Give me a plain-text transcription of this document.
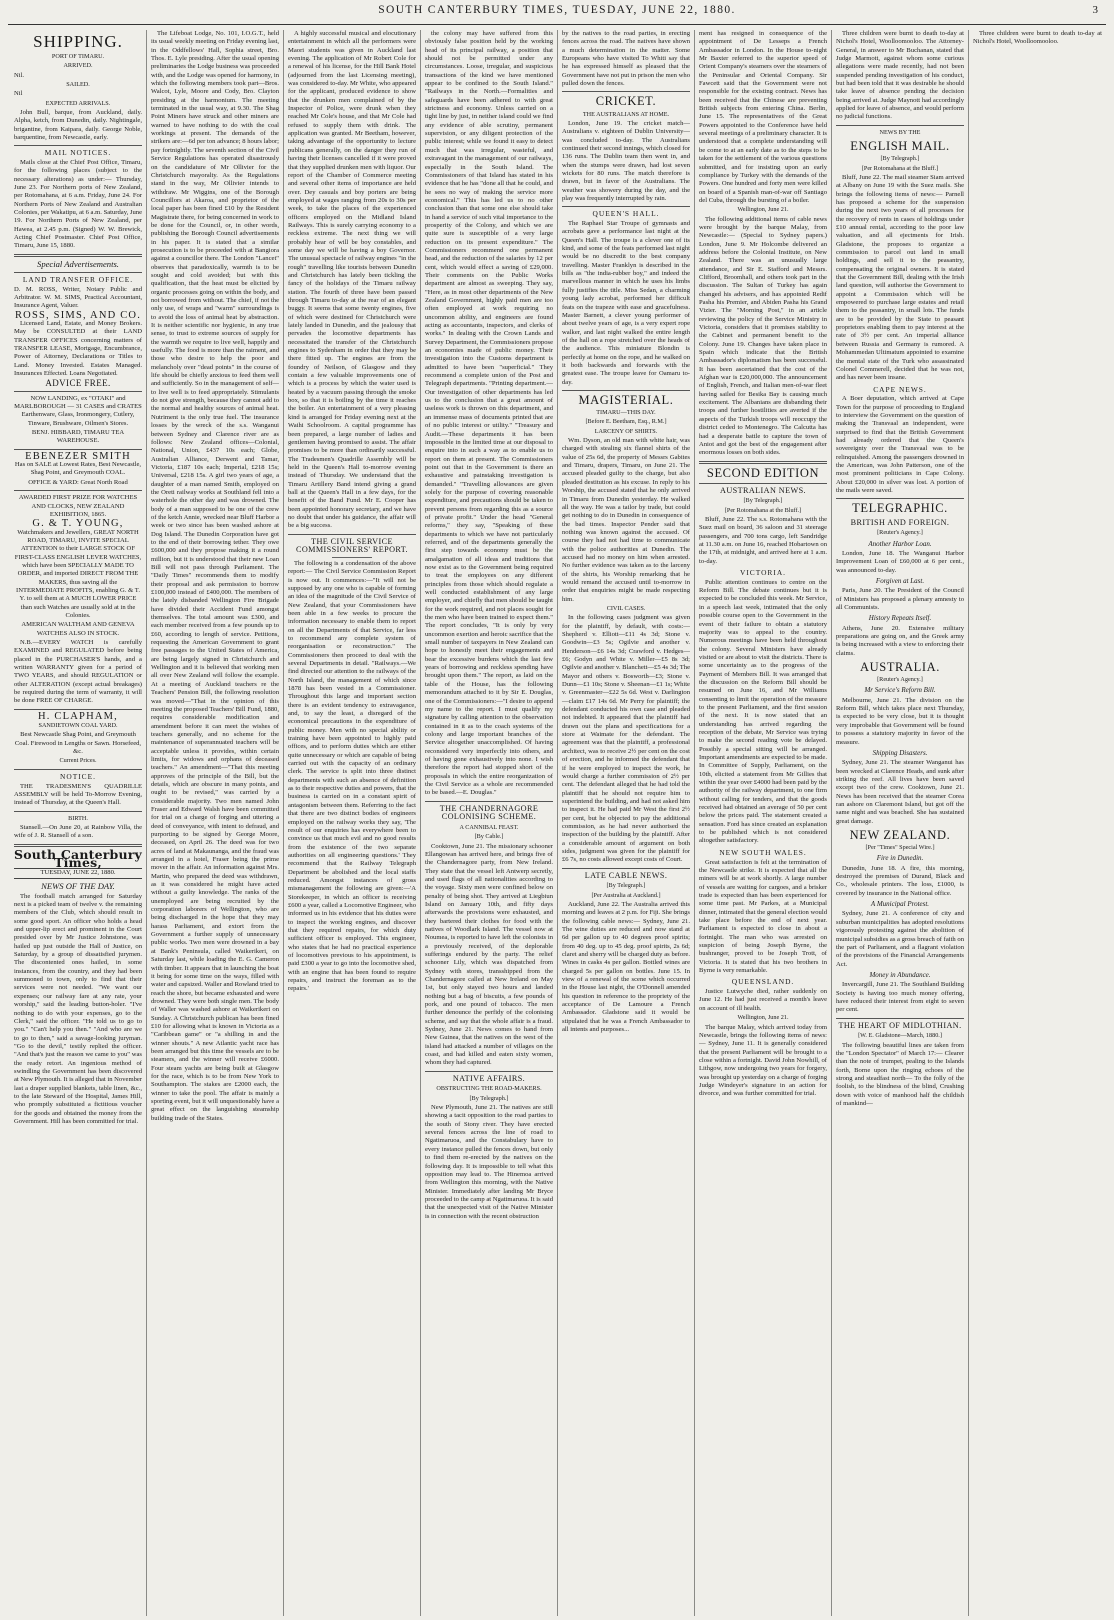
SOUTH CANTERBURY TIMES, TUESDAY, JUNE 22, 1880.	3
SHIPPING.
PORT OF TIMARU.
ARRIVED.

Nil.

SAILED.

Nil

EXPECTED ARRIVALS.

John Bull, barque, from Auckland, daily. Alpha, ketch, from Dunedin, daily. Nightingale, brigantine, from Kaipara, daily. George Noble, barquentine, from Newcastle, early.

MAIL NOTICES.

Mails close at the Chief Post Office, Timaru, for the following places (subject to the necessary alterations) as under:— Thursday, June 23. For Northern ports of New Zealand, per Rotomahana, at 6 a.m. Friday, June 24. For Northern Ports of New Zealand and Australian Colonies, per Wakatipu, at 6 a.m. Saturday, June 19. For Northern Ports of New Zealand, per Hawea, at 2.45 p.m. (Signed) W. W. Brewick, Acting Chief Postmaster. Chief Post Office, Timaru, June 15, 1880.

Special Advertisements.
LAND TRANSFER OFFICE.

D. M. ROSS, Writer, Notary Public and Arbitrator. W. M. SIMS, Practical Accountant, Insurance Agent, Valuer.

ROSS, SIMS, AND CO.

Licensed Land, Estate, and Money Brokers. May be CONSULTED at their LAND TRANSFER OFFICES concerning matters of TRANSFER LEASE, Mortgage, Encumbrance, Power of Attorney, Declarations or Titles to Land. Money Invested. Estates Managed. Insurances Effected. Loans Negotiated.

ADVICE FREE.

NOW LANDING, ex "OTAKI" and MARLBOROUGH — 31 CASES and CRATES Earthenware, Glass, Ironmongery, Cutlery, Tinware, Brushware, Oilmen's Stores.

BENJ. HIBBARD, TIMARU TEA WAREHOUSE.

EBENEZER SMITH

Has on SALE at Lowest Rates, Best Newcastle, Shag Point, and Greymouth COAL.

OFFICE & YARD: Great North Road

AWARDED FIRST PRIZE FOR WATCHES AND CLOCKS, NEW ZEALAND EXHIBITION, 1865.

G. & T. YOUNG,

Watchmakers and Jewellers, GREAT NORTH ROAD, TIMARU, INVITE SPECIAL ATTENTION to their LARGE STOCK OF FIRST-CLASS ENGLISH LEVER WATCHES, which have been SPECIALLY MADE TO ORDER, and imported DIRECT FROM THE MAKERS, thus saving all the INTERMEDIATE PROFITS, enabling G. & T. Y. to sell them at A MUCH LOWER PRICE than such Watches are usually sold at in the Colonies.

AMERICAN WALTHAM AND GENEVA WATCHES ALSO IN STOCK.

N.B.—EVERY WATCH is carefully EXAMINED and REGULATED before being placed in the PURCHASER'S hands, and a written WARRANTY given for a period of TWO YEARS, and should REGULATION or other ALTERATION (except actual breakages) be required during the term of warranty, it will be done FREE OF CHARGE.

H. CLAPHAM,
SANDIETOWN COAL YARD.

Best Newcastle Shag Point, and Greymouth Coal. Firewood in Lengths or Sawn. Horsefeed, &c.

Current Prices.
NOTICE.

THE TRADESMEN'S QUADRILLE ASSEMBLY will be held To-Morrow Evening, instead of Thursday, at the Queen's Hall.

BIRTH.

Stansell.—On June 20, at Rainbow Villa, the wife of J. R. Stansell of a son.

South Canterbury Times,
TUESDAY, JUNE 22, 1880.
NEWS OF THE DAY.

The football match arranged for Saturday next is a picked team of twelve v. the remaining members of the Club, which should result in some good sport. An officer who holds a head and upper-lip erect and prominent in the Court presided over by Mr Justice Johnstone, was hailed up just outside the Hall of Justice, on Saturday, by a group of dissatisfied jurymen. The discontented ones hailed, in some instances, from the country, and they had been summoned to town, only to find that their services were not needed. "We want our expenses; our railway fare at any rate, your worship," said the leading button-holer. "I've nothing to do with your expenses, go to the Clerk," said the officer. "He told us to go to you." "Can't help you then." "And who are we to go to then," said a savage-looking juryman. "Go to the devil," testily replied the officer. "And that's just the reason we came to you" was the ready retort. An ingenious method of swindling the Government has been discovered at New Plymouth. It is alleged that in November last a draper supplied blankets, table linen, &c., to the late Steward of the Hospital, James Hill, who promptly substituted a fictitious voucher for the goods and obtained the money from the Government. Hill has been committed for trial.

The Lifeboat Lodge, No. 101, I.O.G.T., held its usual weekly meeting on Friday evening last, in the Oddfellows' Hall, Sophia street, Bro. Thos. E. Lyle presiding. After the usual opening preliminaries the Lodge business was proceeded with, and the Lodge was opened for harmony, in which the following members took part—Bros. Walcot, Lyle, Moore and Cody, Bro. Clayton presiding at the harmonium. The meeting terminated in the usual way, at 9.30. The Shag Point Miners have struck and other miners are warned to have nothing to do with the coal workings at present. The demands of the strikers are:—6d per ton advance; 8 hours labor; pay fortnightly. The seventh section of the Civil Service Regulations has operated disastrously on the candidature of Mr Ollivier for the Christchurch mayoralty. As the Regulations stand in the way, Mr Ollivier intends to withdraw. Mr Wiggins, one of the Borough Councillors at Akaroa, and proprietor of the local paper has been fined £10 by the Resident Magistrate there, for being concerned in work to be done for the Council, or, in other words, publishing the Borough Council advertisements in his paper. It is stated that a similar prosecution is to be proceeded with at Bangiora against a councillor there. The London "Lancet" observes that paradoxically, warmth is to be sought and cold avoided; but with this qualification, that the heat must be elicited by organic processes going on within the body, and not borrowed from without. The chief, if not the only use, of wraps and "warm" surroundings is to avoid the loss of animal heat by abstraction. It is neither scientific nor hygienic, in any true sense, to trust to extreme sources of supply for the warmth we require to live well, happily and usefully. The food is more than the raiment, and those who desire to help the poor and melancholy over "dead points" in the course of life should be chiefly anxious to feed them well and sufficiently. So in the management of self—to live well is to feed appropriately. Stimulants do not give strength, because they cannot add to the normal and healthy sources of animal heat. Nutriment is the only true fuel. The insurance losses by the wreck of the s.s. Wanganui between Sydney and Clarence river are as follows: New Zealand offices—Colonial, National, Union, £437 10s each; Globe, Australian Alliance, Derwent and Tamar, Victoria, £187 10s each; Imperial, £218 15s; Universal, £218 15s. A girl two years of age, a daughter of a man named Smith, employed on the Oreti railway works at Southland fell into a waterhole the other day and was drowned. The body of a man supposed to be one of the crew of the ketch Annie, wrecked near Bluff Harbor a week or two since has been washed ashore at Dog Island. The Dunedin Corporation have got to the end of their borrowing tether. They owe £600,000 and they propose making it a round million, but it is understood that their new Loan Bill will not pass through Parliament. The "Daily Times" recommends them to modify their proposal and ask permission to borrow £100,000 instead of £400,000. The members of the lately disbanded Wellington Fire Brigade have divided their Accident Fund amongst themselves. The total amount was £300, and each member received from a few pounds up to £60, according to length of service. Petitions, requesting the American Government to grant free passages to the United States of America, are being largely signed in Christchurch and Wellington and it is believed that working men all over New Zealand will follow the example. At a meeting of Auckland teachers re the Teachers' Pension Bill, the following resolution was moved—"That in the opinion of this meeting the proposed Teachers' Bill Fund, 1880, requires considerable modification and amendment before it can meet the wishes of teachers generally, and no scheme for the maintenance of superannuated teachers will be acceptable unless it provides, within certain limits, for widows and orphans of deceased teachers." An amendment—"That this meeting approves of the principle of the Bill, but the details, which are obscure in many points, and ought to be revised," was carried by a considerable majority. Two men named John Fraser and Edward Walsh have been committed for trial on a charge of forging and uttering a deed of conveyance, with intent to defraud, and purporting to be signed by George Moore, deceased, on April 26. The deed was for two acres of land at Makaunanga, and the fraud was arranged in a hotel, Fraser being the prime mover in the affair. An information against Mrs. Martin, who prepared the deed was withdrawn, as it was considered he might have acted without a guilty knowledge. The ranks of the unemployed are being recruited by the corporation laborers of Wellington, who are being discharged in the hope that they may harass Parliament, and extort from the Government a further supply of unnecessary public works. Two men were drowned in a bay at Bank's Peninsula, called Waikerikeri, on Saturday last, while loading the E. G. Cameron with timber. It appears that in launching the boat it being for some time on the ways, filled with water and capsized. Waller and Rowland tried to reach the shore, but became exhausted and were drowned. They were both single men. The body of Waller was washed ashore at Waikerikeri on Sunday. A Christchurch publican has been fined £10 for allowing what is known in Victoria as a "Caribbean game" or "a shilling in and the winner shouts." A new Atlantic yacht race has been arranged but this time the vessels are to be steamers, and the winner will receive £6000. Four steam yachts are being built at Glasgow for the race, which is to be from New York to Southampton. The stakes are £2000 each, the winner to take the pool. The affair is mainly a sporting event, but it will unquestionably have a great effect on the languishing steamship building trade of the States.

A highly successful musical and elocutionary entertainment in which all the performers were Maori students was given in Auckland last evening. The application of Mr Robert Cole for a renewal of his license, for the Hill Bank Hotel (adjourned from the last Licensing meeting), was considered to-day. Mr White, who appeared for the applicant, produced evidence to show that the drunken men complained of by the Inspector of Police, were drunk when they reached Mr Cole's house, and that Mr Cole had refused to supply them with drink. The application was granted. Mr Beetham, however, taking advantage of the opportunity to lecture publicans generally, on the danger they run of having their licenses cancelled if it were proved that they supplied drunken men with liquor. Our report of the Chamber of Commerce meeting and several other items of importance are held over. Dey casuals and boy porters are being employed at wages ranging from 20s to 30s per week, to take the places of the experienced officers employed on the Midland Island Railways. This is surely carrying economy to a reckless extreme. The next thing we will probably hear of will be boy constables, and some day we will be having a boy Governor. The unusual spectacle of railway engines "in the rough" travelling like tourists between Dunedin and Christchurch has lately been tickling the fancy of the holidays of the Timaru railway station. The fourth of three have been passed through Timaru to-day at the rear of an elegant buggy. It seems that some twenty engines, five of which were destined for Christchurch were lately landed in Dunedin, and the jealousy that pervades the locomotive departments has necessitated the transfer of the Christchurch engines to Sydenham in order that they may be there fitted up. The engines are from the foundry of Neilson, of Glasgow and they contain a few valuable improvements one of which is a process by which the water used is heated by a vacuum passing through the smoke box, so that it is boiling by the time it reaches the boiler. An entertainment of a very pleasing kind is arranged for Friday evening next at the Waihi Schoolroom. A capital programme has been prepared, a large number of ladies and gentlemen having promised to assist. The affair promises to be more than ordinarily successful. The Tradesmen's Quadrille Assembly will be held in the Queen's Hall to-morrow evening instead of Thursday. We understand that the Timaru Artillery Band intend giving a grand ball at the Queen's Hall in a few days, for the benefit of the Band Fund. Mr E. Cooper has been appointed honorary secretary, and we have no doubt that under his guidance, the affair will be a big success.

THE CIVIL SERVICE COMMISSIONERS' REPORT.

The following is a condensation of the above report:— The Civil Service Commission Report is now out. It commences:—"It will not be supposed by any one who is capable of forming an idea of the magnitude of the Civil Service of New Zealand, that your Commissioners have been able in a few weeks to procure the information necessary to enable them to report on all the Departments of that Service, far less to recommend any complete system of reorganisation or reconstruction." The Commissioners then proceed to deal with the several Departments in detail. "Railways.—We find directed our attention to the railways of the North Island, the management of which since 1878 has been vested in a Commissioner. Throughout this large and important section there is an evident tendency to extravagance, and, to say the least, a disregard of the economical precautions in the expenditure of public money. Men with no special ability or training have been appointed to highly paid offices, and to perform duties which are either quite unnecessary or which are capable of being carried out with the capacity of an ordinary clerk. The service is split into three distinct departments with such an absence of definition as to their respective duties and powers, that the business is carried on in a constant spirit of antagonism between them. Referring to the fact that there are two distinct bodies of engineers employed on the railway works they say, 'The result of our enquiries has everywhere been to convince us that much evil and no good results from the existence of the two separate authorities on all engineering questions.' They recommend that the Railway Telegraph Department be abolished and the local staffs reduced. Amongst instances of gross mismanagement the following are given:—'A Storekeeper, in which an officer is receiving £600 a year, called a Locomotive Engineer, who informed us in his evidence that his duties were to inspect the working engines, and discover that they required repairs, for which duty sufficient officer is employed. This engineer, who states that he had no practical experience of locomotives previous to his appointment, is paid £300 a year to go into the locomotive shed, with an engine that has been found to require repairs, and instruct the foreman as to the repairs.'

the colony may have suffered from this obviously false position held by the working head of its principal railway, a position that should not be permitted under any circumstances. Loose, irregular, and suspicious transactions of the kind we have mentioned appear to be confined to the South Island." "Railways in the North.—Formalities and safeguards have been adhered to with great strictness and economy. Unless carried on a tight line by just, in neither island could we find any evidence of able scrutiny, permanent supervision, or any diligent protection of the public interest; while we found it easy to detect much that was irregular, wasteful, and extravagant in the management of our railways, especially in the South Island. The Commissioners of that Island has stated in his evidence that he has "done all that he could, and he sees no way of making the service more economical." This has led us to no other conclusion than that some one else should take in hand a service of such vital importance to the prosperity of the Colony, and which we are quite sure is susceptible of a very large reduction on its present expenditure." The Commissioners recommend one permanent head, and the reduction of the salaries by 12 per cent, which would effect a saving of £29,000. Their comments on the Public Works department are almost as sweeping. They say, "Here, as in most other departments of the New Zealand Government, highly paid men are too often employed at work requiring no uncommon ability, and engineers are found acting as accountants, inspectors, and clerks of works." In dealing with the Crown Lands and Survey Department, the Commissioners propose an economies made of public money. Their investigation into the Customs department is admitted to have been "superficial." They recommend a complete union of the Post and Telegraph departments. "Printing department.—Our investigation of other departments has led us to the conclusion that a great amount of useless work is thrown on this department, and an immense mass of documents printed that are of no public interest or utility." "Treasury and Audit.—These departments it has been impossible in the limited time at our disposal to enquire into in such a way as to enable us to report on them at present. The Commissioners point out that in the Government is there an exhaustive and painstaking investigation is demanded." "Travelling allowances are given solely for the purpose of covering reasonable expenditure, and precautions should be taken to prevent persons from regarding this as a source of private profit." Under the head "General reforms," they say, "Speaking of these departments to which we have not particularly referred, and of the departments generally the first step towards economy must be the amalgamation of all ideas and traditions that now exist as to the Government being required to treat the employees on any different principles from those which should regulate a well conducted establishment of any large employer, and chiefly that men should be taught for the work required, and not places sought for the men who have been trained to expect them." The report concludes, "It is only by very uncommon exertion and heroic sacrifice that the small number of taxpayers in New Zealand can hope to honestly meet their engagements and bear the excessive burdens which the last few years of borrowing and reckless spending have brought upon them." The report, as laid on the table of the House, has the following memorandum attached to it by Sir E. Douglas, one of the Commissioners:—"I desire to append my name to the report. I must qualify my signature by calling attention to the observation contained in it as to the coach systems of the colony and large important branches of the Service altogether unaccomplished. Of having reconsidered very imperfectly into others, and of having gone exhaustively into none. I wish therefore the report had stopped short of the proposals in which the entire reorganization of the Civil Service as a whole are recommended to be based.—E. Douglas."

THE CHANDERNAGORE COLONISING SCHEME.
A CANNIBAL FEAST.
[By Cable.]

Cooktown, June 21. The missionary schooner Ellangowan has arrived here, and brings five of the Chandernagore party, from New Ireland. They state that the vessel left Antwerp secretly, and used flags of all nationalities according to the voyage. Sixty men were confined below on penalty of being shot. They arrived at Liegbiun Island on January 10th, and fifty days afterwards the provisions were exhausted, and they bartered their clothes for food with the natives of Woodlark Island. The vessel now at Noumea, is reported to have left the colonists in a previously received, of the deplorable sufferings endured by the party. The relief schooner Lily, which was dispatched from Sydney with stores, transshipped from the Chandernagore called at New Ireland on May 1st, but only stayed two hours and landed nothing but a bag of biscuits, a few pounds of pork, and one pound of tobacco. The men further denounce the perfidy of the colonising scheme, and say that the whole affair is a fraud. Sydney, June 21. News comes to hand from New Guinea, that the natives on the west of the island had attacked a number of villages on the coast, and had killed and eaten sixty women, whom they had captured.

NATIVE AFFAIRS.
OBSTRUCTING THE ROAD-MAKERS.
[By Telegraph.]

New Plymouth, June 21. The natives are still showing a tacit opposition to the road parties to the south of Stony river. They have erected several fences across the line of road to Ngatimaruoa, and the Constabulary have to every instance pulled the fences down, but only to find them re-erected by the natives on the following day. It is impossible to tell what this opposition may lead to. The Hinemoa arrived from Wellington this morning, with the Native Minister. Immediately after landing Mr Bryce proceeded to the camp at Ngatimaruoa. It is said that the unexpected visit of the Native Minister is in connection with the recent obstruction

by the natives to the road parties, in erecting fences across the road. The natives have shown a much determination in the matter. Some Europeans who have visited To Whiti say that he has expressed himself as pleased that the Government have not put in prison the men who pulled down the fences.

CRICKET.
THE AUSTRALIANS AT HOME.

London, June 19. The cricket match—Australians v. eighteen of Dublin University—was concluded to-day. The Australians continued their second innings, which closed for 136 runs. The Dublin team then went in, and when the stumps were drawn, had lost seven wickets for 80 runs. The match therefore is drawn, but in favor of the Australians. The weather was showery during the day, and the play was frequently interrupted by rain.

QUEEN'S HALL.

The Raphael Star Troupe of gymnasts and acrobats gave a performance last night at the Queen's Hall. The troupe is a clever one of its kind, and some of the feats performed last night would be no discredit to the best company travelling. Master Franklyn is described in the bills as "the india-rubber boy," and indeed the marvellous manner in which he uses his limbs fully justifies the title. Miss Sedan, a charming young lady acrobat, performed her difficult feats on the trapeze with ease and gracefulness. Master Barnett, a clever young performer of about twelve years of age, is a very expert rope walker, and last night walked the entire length of the hall on a rope stretched over the heads of the audience. This miniature Blondin is perfectly at home on the rope, and he walked on it both backwards and forwards with the greatest ease. The troupe leave for Oamaru to-day.

MAGISTERIAL.
TIMARU—THIS DAY.
[Before E. Beetham, Esq., R.M.]
LARCENY OF SHIRTS.

Wm. Dyson, an old man with white hair, was charged with stealing six flannel shirts of the value of 25s 6d, the property of Messrs Gabites and Timaru, drapers, Timaru, on June 21. The accused pleaded guilty to the charge, but also pleaded destitution as his excuse. In reply to his Worship, the accused stated that he only arrived in Timaru from Dunedin yesterday. He walked all the way. He was a tailor by trade, but could get nothing to do in Dunedin in consequence of the bad times. Inspector Pender said that nothing was known against the accused. Of course they had not had time to communicate with the police authorities at Dunedin. The accused had no money on him when arrested. No further evidence was taken as to the larceny of the shirts, his Worship remarking that he would remand the accused until to-morrow in order that enquiries might be made respecting him.

CIVIL CASES.

In the following cases judgment was given for the plaintiff, by default, with costs:— Shepherd v. Elliott—£11 4s 3d; Stone v. Goodwin—£3 5s; Ogilvie and another v. Henderson—£6 14s 3d; Crawford v. Hedges—£6; Godyn and White v. Miller—£5 8s 3d; Ogilvie and another v. Blanchett—£5 4s 3d; The Mayor and others v. Bosworth—£3; Stone v. Dunn—£1 10s; Stone v. Sheenan—£1 1s; White v. Greenmaster—£22 5s 6d. West v. Darlington—claim £17 14s 6d. Mr Perry for plaintiff; the defendant conducted his own case and pleaded not indebted. It appeared that the plaintiff had drawn out the plans and specifications for a store at Waimate for the defendant. The agreement was that the plaintiff, a professional architect, was to receive 2½ per cent on the cost of erection, and he informed the defendant that if he were employed to inspect the work, he would charge a further commission of 2½ per cent. The defendant alleged that he had told the plaintiff that he should not require him to superintend the building, and had not asked him to inspect it. He had paid Mr West the first 2½ per cent, but he objected to pay the additional commission, as he had never authorised the inspection of the building by the plaintiff. After a considerable amount of argument on both sides, judgment was given for the plaintiff for £6 7s, no costs allowed except costs of Court.

LATE CABLE NEWS.
[By Telegraph.]
[Per Australia at Auckland.]

Auckland, June 22. The Australia arrived this morning and leaves at 2 p.m. for Fiji. She brings the following cable news:— Sydney, June 21. The wine duties are reduced and now stand at 6d per gallon up to 40 degrees proof spirits; from 40 deg. up to 45 deg. proof spirits, 2s 6d; claret and sherry will be charged duty as before. Wines in casks 4s per gallon. Bottled wines are charged 5s per gallon on bottles. June 15. In view of a renewal of the scene which occurred in the House last night, the O'Donnell amended his question in reference to the propriety of the acceptance of De Lamoure a French Ambassador. Gladstone said it would be stipulated that he was a French Ambassador to all intents and purposes...

ment has resigned in consequence of the appointment of De Lesseps a French Ambassador in London. In the House to-night Mr Baxter referred to the superior speed of Orient Company's steamers over the steamers of the Peninsular and Oriental Company. Sir Fawcett said that the Government were not responsible for the existing contract. News has been received that the Chinese are preventing British subjects from entering China. Berlin, June 15. The representatives of the Great Powers appointed to the Conference have held several meetings of a preliminary character. It is understood that a complete understanding will be come to at an early date as to the steps to be taken for the settlement of the various questions submitted, and for insisting upon an early compliance by Turkey with the demands of the Powers. One hundred and forty men were killed on board of a Spanish man-of-war off Santiago del Cuba, through the bursting of a boiler.

Wellington, June 21.

The following additional items of cable news were brought by the barque Malay, from Newcastle:— (Special to Sydney papers.) London, June 9. Mr Holcombe delivered an address before the Colonial Institute, on New Zealand. There was an unusually large attendance, and Sir E. Stafford and Messrs. Clifford, Broomhall, and others took part in the discussion. The Sultan of Turkey has again changed his advisers, and has appointed Redif Pasha his Premier, and Abiden Pasha his Grand Vizier. The "Morning Post," in an article reviewing the policy of the Service Ministry in Victoria, considers that it promises stability to the Cabinet and permanent benefit to the Colony. June 19. Changes have taken place in Spain which indicate that the British Ambassador's diplomatism has been successful. It has been ascertained that the cost of the Afghan war is £20,000,000. The announcement of English, French, and Italian men-of-war fleet having sailed for Besika Bay is causing much excitement. The Albanians are disbanding their troops and further hostilities are averted if the aspects of the Turkish troops will reoccupy the district ceded to Montenegro. The Calcutta has had a desperate battle to capture the town of Aniot and got the best of the engagement after enormous losses on both sides.

SECOND EDITION
AUSTRALIAN NEWS.
[By Telegraph.]
[Per Rotomahana at the Bluff.]

Bluff, June 22. The s.s. Rotomahana with the Suez mail on board, 36 saloon and 31 steerage passengers, and 700 tons cargo, left Sandridge at 11.30 a.m. on June 16, reached Hobartown on the 17th, at midnight, and arrived here at 1 a.m. to-day.

VICTORIA.

Public attention continues to centre on the Reform Bill. The debate continues but it is expected to be concluded this week. Mr Service, in a speech last week, intimated that the only possible course open to the Government in the event of their failure to obtain a statutory majority was to appeal to the country. Numerous meetings have been held throughout the colony. Several Ministers have already visited or are about to visit the districts. There is some uncertainty as to the progress of the Payment of Members Bill. It was arranged that the discussion on the Reform Bill should be resumed on June 16, and Mr Williams consenting to limit the operation of the measure to the present Parliament, and the first session of the next. It is now stated that an understanding has arrived regarding the reception of the debate, Mr Service was trying to make the second reading vote be delayed. Possibly a special sitting will be arranged. Important amendments are expected to be made. In Committee of Supply, Parliament, on the 10th, elicited a statement from Mr Gillies that within the year over £4000 had been paid by the authority of the railway department, to one firm without calling for tenders, and that the goods received had obtained an average of 50 per cent below the prices paid. The statement created a sensation. Ford has since created an explanation to be published which is not considered altogether satisfactory.

NEW SOUTH WALES.

Great satisfaction is felt at the termination of the Newcastle strike. It is expected that all the miners will be at work shortly. A large number of vessels are waiting for cargoes, and a brisker trade is expected than has been experienced for some time past. Mr Parkes, at a Municipal dinner, intimated that the general election would take place before the end of next year. Parliament is expected to close in about a fortnight. The man who was arrested on suspicion of being Joseph Byrne, the bushranger, proved to be Joseph Trott, of Victoria. It is stated that his two brothers in Byrne is very remarkable.

QUEENSLAND.

Justice Lutwyche died, rather suddenly on June 12. He had just received a month's leave on account of ill health.

Wellington, June 21.

The barque Malay, which arrived today from Newcastle, brings the following items of news:— Sydney, June 11. It is generally considered that the present Parliament will be brought to a close within a fortnight. David John Nowhill, of Lithgow, now undergoing two years for forgery, was brought up yesterday on a charge of forging Judge Windeyer's signature in an action for divorce, and was further committed for trial.

Three children were burnt to death to-day at Nichol's Hotel, Woolloomooloo. The Attorney-General, in answer to Mr Buchanan, stated that Judge Marmott, against whom some curious allegations were made recently, had not been suspended pending investigation of his conduct, but had been told that it was desirable he should take leave of absence pending the decision being arrived at. Judge Maynott had accordingly applied for leave of absence, and would perform no judicial functions.

NEWS BY THE
ENGLISH MAIL.
[By Telegraph.]
[Per Rotomahana at the Bluff.]

Bluff, June 22. The mail steamer Siam arrived at Albany on June 19 with the Suez mails. She brings the following items of news:— Parnell has proposed a scheme for the suspension during the next two years of all processes for the recovery of rents in cases of holdings under £10 annual rental, according to the poor law valuation, and all ejectments for Irish. Gladstone, the proposes to organize a commission to parcel out land in small holdings, and sell it to the peasantry, compensating the original owners. It is stated that the Government Bill, dealing with the Irish land question, will authorise the Government to appoint a Commission which will be empowered to purchase large estates and retail them to the peasantry, in small lots. The funds are to be provided by the State to peasant proprietors enabling them to pay interest at the rate of 3½ per cent. An imperial alliance between Russia and Germany is rumored. A Mohammedan Ultimatum appointed to examine the mental state of the Turk who assassinated Colonel Commerell, decided that he was not, and has never been insane.

CAPE NEWS.

A Boer deputation, which arrived at Cape Town for the purpose of proceeding to England to interview the Government on the question of making the Transvaal an independent, were surprised to find that the British Government had already ordered that the Queen's sovereignty over the Transvaal was to be relinquished. Among the passengers drowned in the American, was John Patterson, one of the most prominent politicians in Cape Colony. About £20,000 in silver was lost. A portion of the mails were saved.

TELEGRAPHIC.
BRITISH AND FOREIGN.
[Reuter's Agency.]
Another Harbor Loan.

London, June 18. The Wanganui Harbor Improvement Loan of £60,000 at 6 per cent., was announced to-day.

Forgiven at Last.

Paris, June 20. The President of the Council of Ministers has proposed a plenary amnesty to all Communists.

History Repeats Itself.

Athens, June 20. Extensive military preparations are going on, and the Greek army is being increased with a view to enforcing their claims.

AUSTRALIA.
[Reuter's Agency.]
Mr Service's Reform Bill.

Melbourne, June 21. The division on the Reform Bill, which takes place next Thursday, is expected to be very close, but it is thought very improbable that Government will be found to possess a statutory majority in favor of the measure.

Shipping Disasters.

Sydney, June 21. The steamer Wanganui has been wrecked at Clarence Heads, and sunk after striking the reef. All lives have been saved except two of the crew. Cooktown, June 21. News has been received that the steamer Corea ran ashore on Claremont Island, but got off the same night and was beached. She has sustained great damage.

NEW ZEALAND.
[Per "Times" Special Wire.]
Fire in Dunedin.

Dunedin, June 18. A fire, this morning, destroyed the premises of Durand, Black and Co., wholesale printers. The loss, £1000, is covered by insurance in the National office.

A Municipal Protest.

Sydney, June 21. A conference of city and suburban municipalities has adopted resolutions vigorously protesting against the abolition of municipal subsidies as a gross breach of faith on the part of Parliament, and a flagrant violation of the provisions of the Financial Arrangements Act.

Money in Abundance.

Invercargill, June 21. The Southland Building Society is having too much money offering, have reduced their interest from eight to seven per cent.

THE HEART OF MIDLOTHIAN.
[W. E. Gladstone—March, 1880.]

The following beautiful lines are taken from the "London Spectator" of March 17:— Clearer than the note of trumpet, pealing to the Islands forth, Borne upon the ringing echoes of the strong and steadfast north— To the folly of the foolish, to the blindness of the blind, Crushing down with voice of manhood half the childish of mankind—

Three children were burnt to death to-day at Nichol's Hotel, Woolloomooloo.
